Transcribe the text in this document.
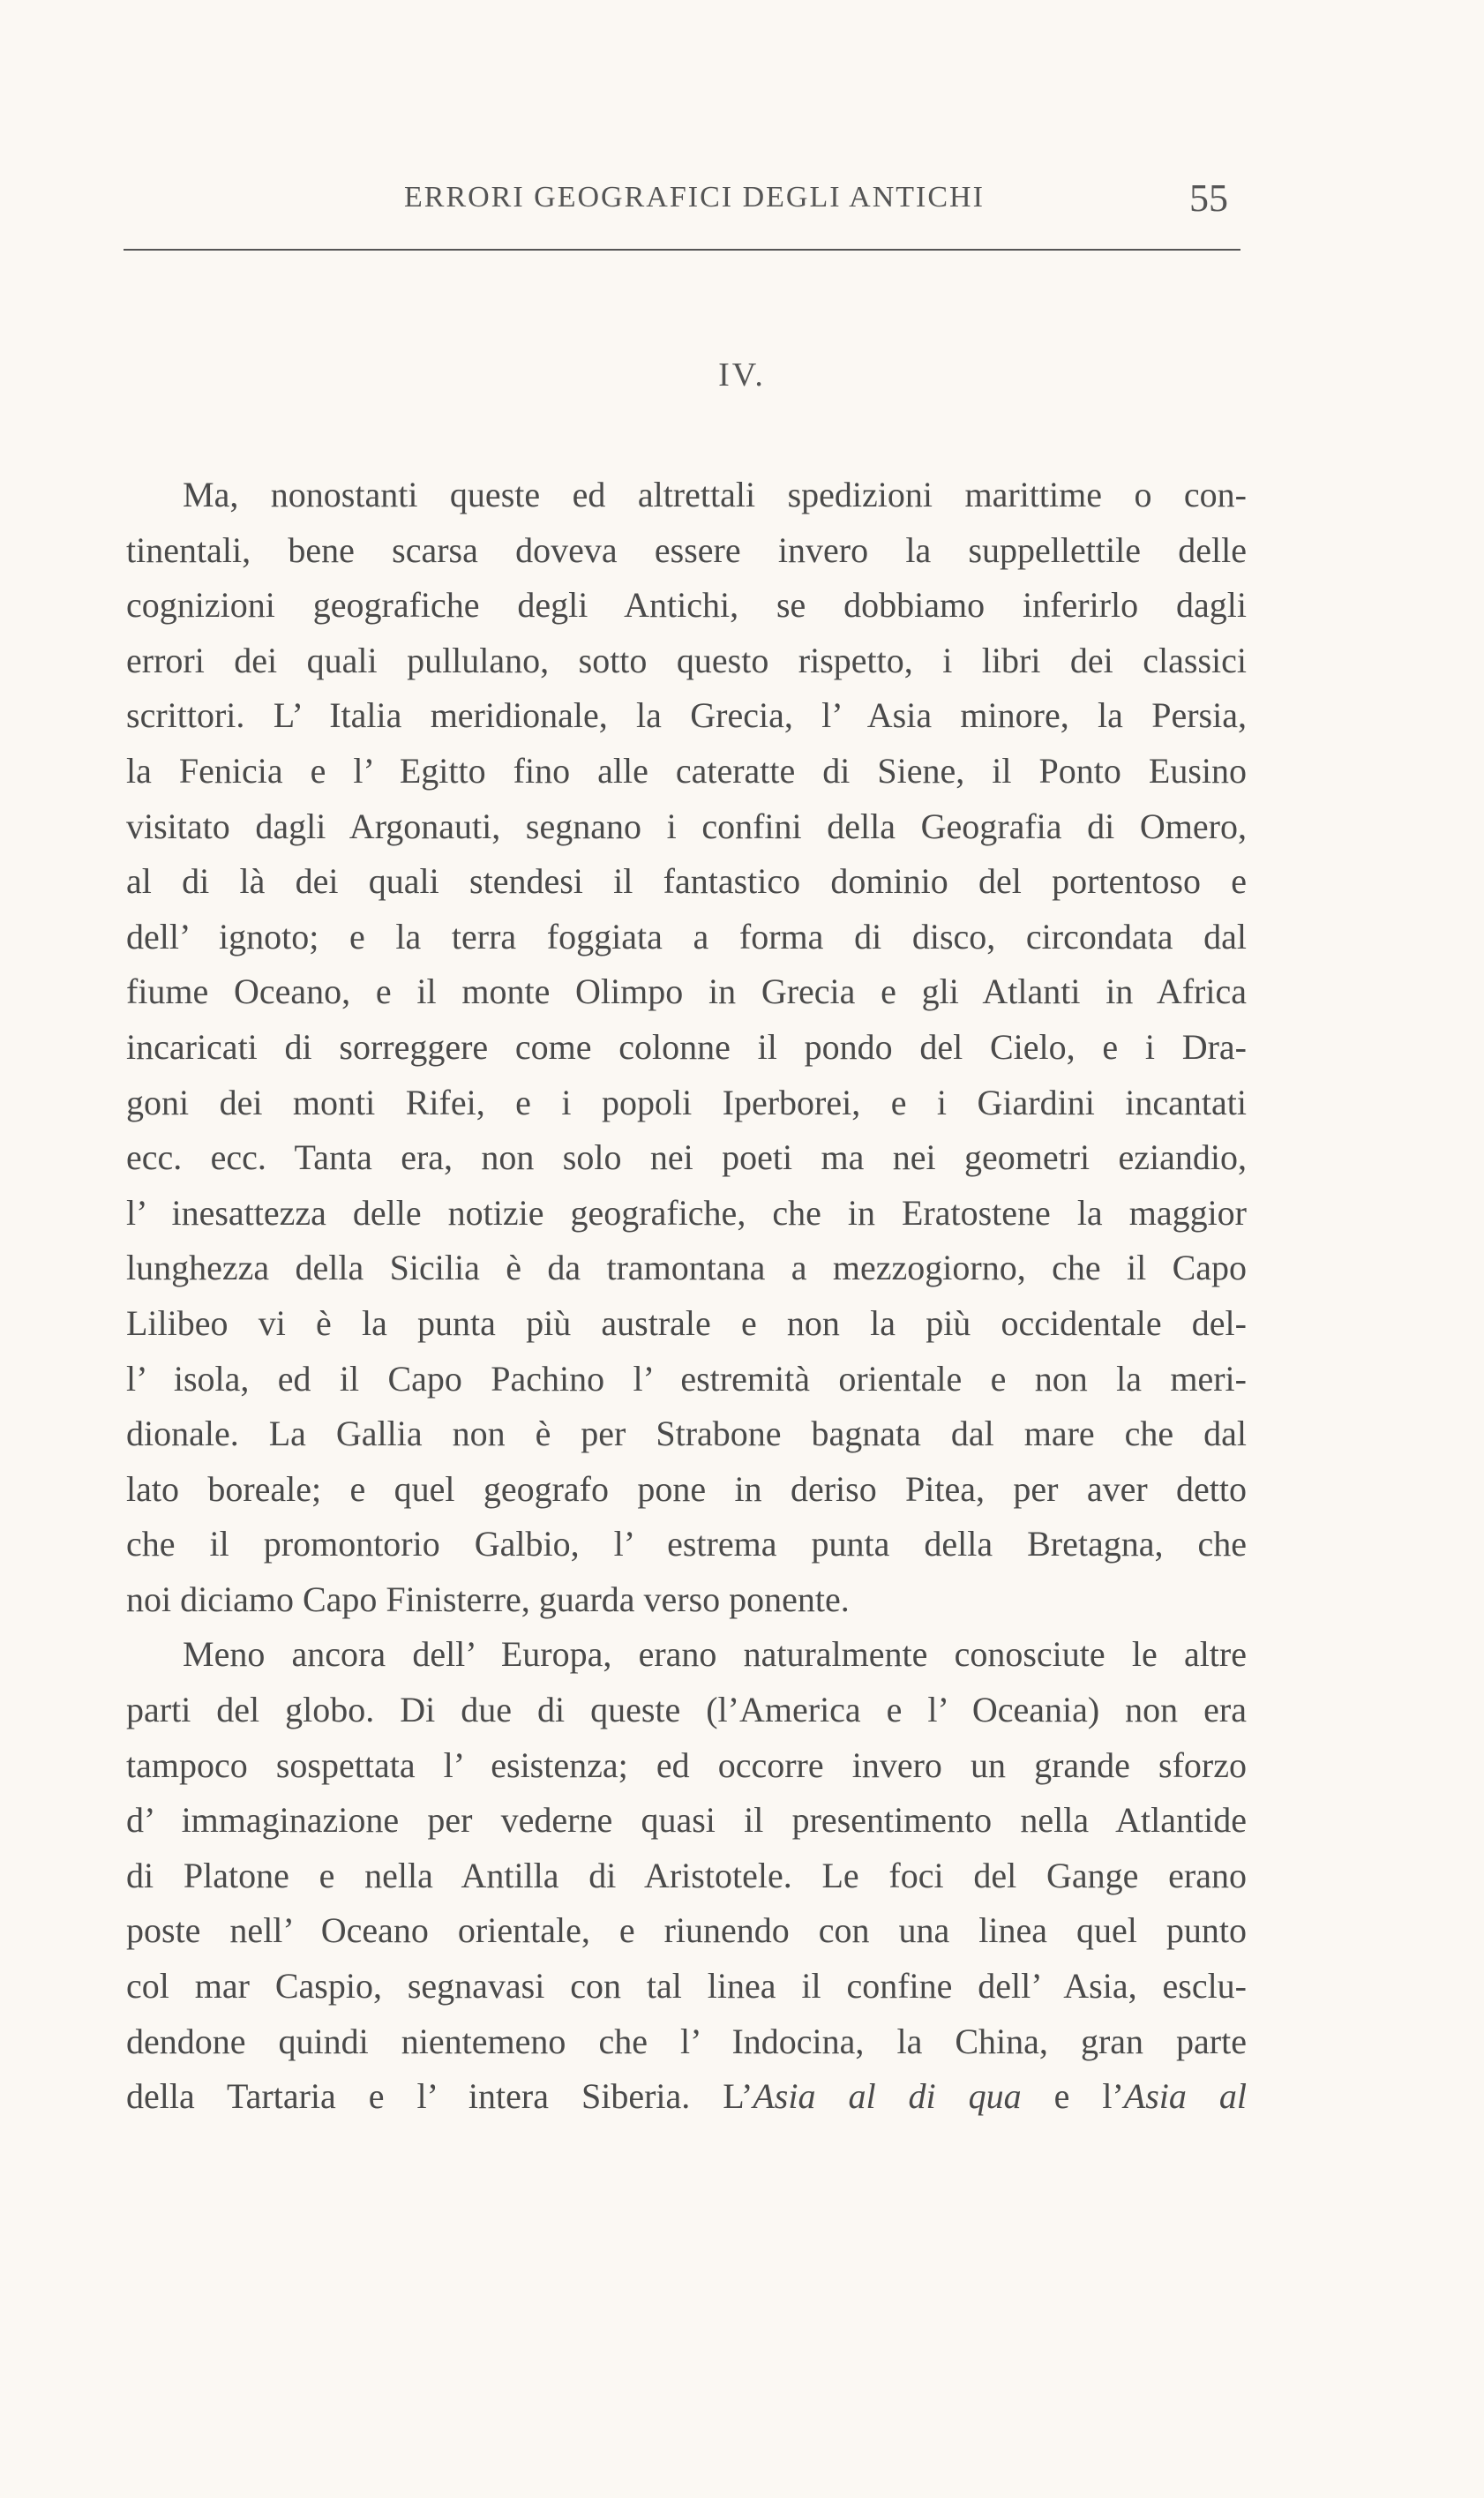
ERRORI GEOGRAFICI DEGLI ANTICHI	55
IV.
Ma, nonostanti queste ed altrettali spedizioni marittime o con-
tinentali, bene scarsa doveva essere invero la suppellettile delle
cognizioni geografiche degli Antichi, se dobbiamo inferirlo dagli
errori dei quali pullulano, sotto questo rispetto, i libri dei classici
scrittori. L’ Italia meridionale, la Grecia, l’ Asia minore, la Persia,
la Fenicia e l’ Egitto fino alle cateratte di Siene, il Ponto Eusino
visitato dagli Argonauti, segnano i confini della Geografia di Omero,
al di là dei quali stendesi il fantastico dominio del portentoso e
dell’ ignoto; e la terra foggiata a forma di disco, circondata dal
fiume Oceano, e il monte Olimpo in Grecia e gli Atlanti in Africa
incaricati di sorreggere come colonne il pondo del Cielo, e i Dra-
goni dei monti Rifei, e i popoli Iperborei, e i Giardini incantati
ecc. ecc. Tanta era, non solo nei poeti ma nei geometri eziandio,
l’ inesattezza delle notizie geografiche, che in Eratostene la maggior
lunghezza della Sicilia è da tramontana a mezzogiorno, che il Capo
Lilibeo vi è la punta più australe e non la più occidentale del-
l’ isola, ed il Capo Pachino l’ estremità orientale e non la meri-
dionale. La Gallia non è per Strabone bagnata dal mare che dal
lato boreale; e quel geografo pone in deriso Pitea, per aver detto
che il promontorio Galbio, l’ estrema punta della Bretagna, che
noi diciamo Capo Finisterre, guarda verso ponente.
Meno ancora dell’ Europa, erano naturalmente conosciute le altre
parti del globo. Di due di queste (l’America e l’ Oceania) non era
tampoco sospettata l’ esistenza; ed occorre invero un grande sforzo
d’ immaginazione per vederne quasi il presentimento nella Atlantide
di Platone e nella Antilla di Aristotele. Le foci del Gange erano
poste nell’ Oceano orientale, e riunendo con una linea quel punto
col mar Caspio, segnavasi con tal linea il confine dell’ Asia, esclu-
dendone quindi nientemeno che l’ Indocina, la China, gran parte
della Tartaria e l’ intera Siberia. L’Asia al di qua e l’Asia al
